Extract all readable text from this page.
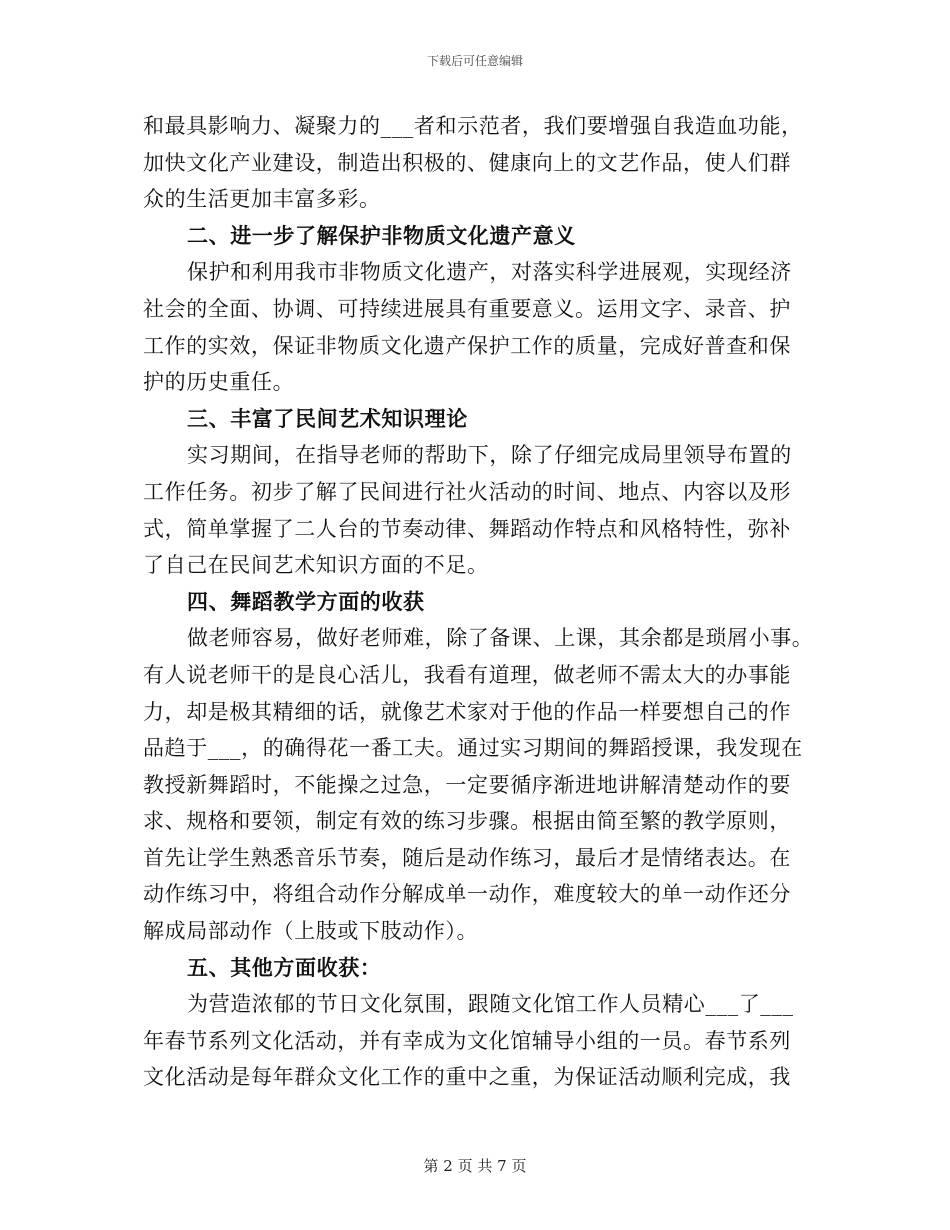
下载后可任意编辑
和最具影响力、凝聚力的___者和示范者，我们要增强自我造血功能，
加快文化产业建设，制造出积极的、健康向上的文艺作品，使人们群
众的生活更加丰富多彩。
二、进一步了解保护非物质文化遗产意义
保护和利用我市非物质文化遗产，对落实科学进展观，实现经济
社会的全面、协调、可持续进展具有重要意义。运用文字、录音、护
工作的实效，保证非物质文化遗产保护工作的质量，完成好普查和保
护的历史重任。
三、丰富了民间艺术知识理论
实习期间，在指导老师的帮助下，除了仔细完成局里领导布置的
工作任务。初步了解了民间进行社火活动的时间、地点、内容以及形
式，简单掌握了二人台的节奏动律、舞蹈动作特点和风格特性，弥补
了自己在民间艺术知识方面的不足。
四、舞蹈教学方面的收获
做老师容易，做好老师难，除了备课、上课，其余都是琐屑小事。
有人说老师干的是良心活儿，我看有道理，做老师不需太大的办事能
力，却是极其精细的话，就像艺术家对于他的作品一样要想自己的作
品趋于___，的确得花一番工夫。通过实习期间的舞蹈授课，我发现在
教授新舞蹈时，不能操之过急，一定要循序渐进地讲解清楚动作的要
求、规格和要领，制定有效的练习步骤。根据由简至繁的教学原则，
首先让学生熟悉音乐节奏，随后是动作练习，最后才是情绪表达。在
动作练习中，将组合动作分解成单一动作，难度较大的单一动作还分
解成局部动作（上肢或下肢动作）。
五、其他方面收获：
为营造浓郁的节日文化氛围，跟随文化馆工作人员精心___了___
年春节系列文化活动，并有幸成为文化馆辅导小组的一员。春节系列
文化活动是每年群众文化工作的重中之重，为保证活动顺利完成，我
第 2 页 共 7 页
